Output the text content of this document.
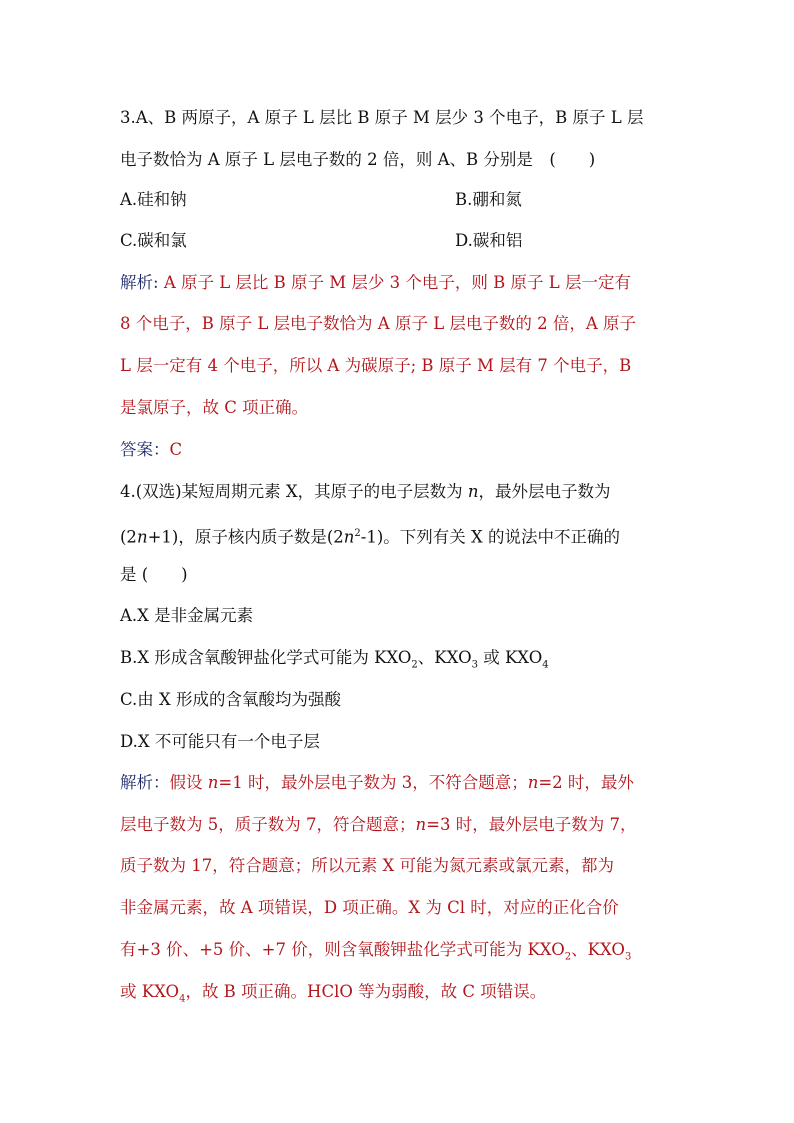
3.A、B 两原子，A 原子 L 层比 B 原子 M 层少 3 个电子，B 原子 L 层
电子数恰为 A 原子 L 层电子数的 2 倍，则 A、B 分别是　(　　)
A.硅和钠	B.硼和氮
C.碳和氯	D.碳和铝
解析: A 原子 L 层比 B 原子 M 层少 3 个电子，则 B 原子 L 层一定有
8 个电子，B 原子 L 层电子数恰为 A 原子 L 层电子数的 2 倍，A 原子
L 层一定有 4 个电子，所以 A 为碳原子; B 原子 M 层有 7 个电子，B
是氯原子，故 C 项正确。
答案：C
4.(双选)某短周期元素 X，其原子的电子层数为 n，最外层电子数为
(2n+1)，原子核内质子数是$(2n^2-1)$。下列有关 X 的说法中不正确的
是 (　　)
A.X 是非金属元素
B.X 形成含氧酸钾盐化学式可能为 $KXO_2$、$KXO_3$ 或 $KXO_4$
C.由 X 形成的含氧酸均为强酸
D.X 不可能只有一个电子层
解析：假设 n=1 时，最外层电子数为 3，不符合题意；n=2 时，最外
层电子数为 5，质子数为 7，符合题意；n=3 时，最外层电子数为 7，
质子数为 17，符合题意；所以元素 X 可能为氮元素或氯元素，都为
非金属元素，故 A 项错误，D 项正确。X 为 Cl 时，对应的正化合价
有+3 价、+5 价、+7 价，则含氧酸钾盐化学式可能为 $KXO_2$、$KXO_3$
或 $KXO_4$，故 B 项正确。HClO 等为弱酸，故 C 项错误。
